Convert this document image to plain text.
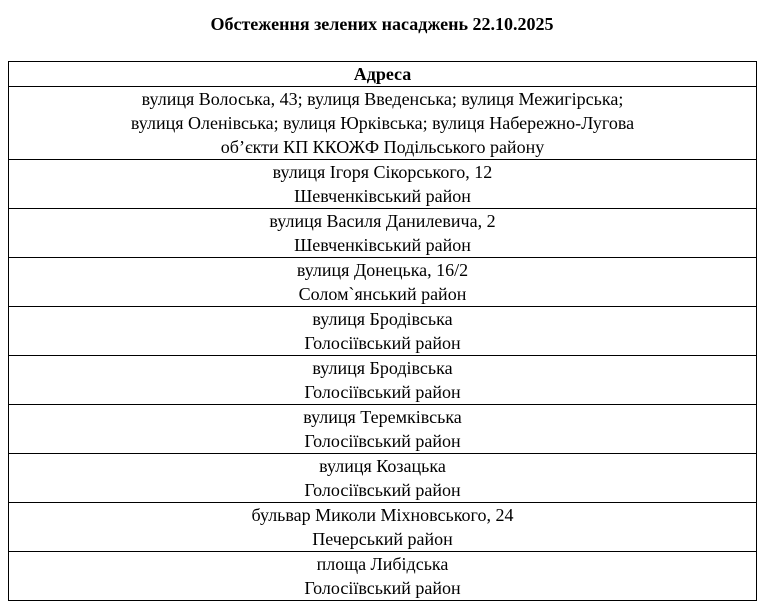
Обстеження зелених насаджень 22.10.2025
Адреса

вулиця Волоська, 43; вулиця Введенська; вулиця Межигірська;
вулиця Оленівська; вулиця Юрківська; вулиця Набережно-Лугова
об’єкти КП ККОЖФ Подільського району

вулиця Ігоря Сікорського, 12
Шевченківський район

вулиця Василя Данилевича, 2
Шевченківський район

вулиця Донецька, 16/2
Солом`янський район

вулиця Бродівська
Голосіївський район

вулиця Бродівська
Голосіївський район

вулиця Теремківська
Голосіївський район

вулиця Козацька
Голосіївський район

бульвар Миколи Міхновського, 24
Печерський район

площа Либідська
Голосіївський район
